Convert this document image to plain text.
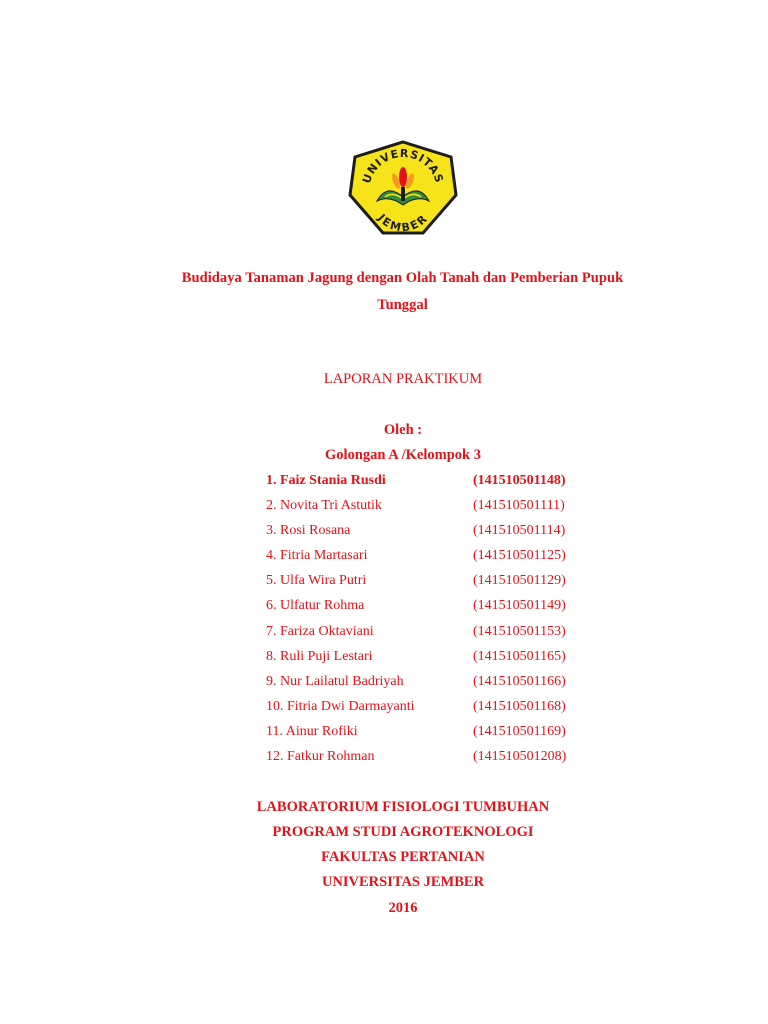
UNIVERSITAS
JEMBER
Budidaya Tanaman Jagung dengan Olah Tanah dan Pemberian Pupuk
Tunggal
LAPORAN PRAKTIKUM
Oleh :
Golongan A /Kelompok 3
1. Faiz Stania Rusdi	(141510501148)
2. Novita Tri Astutik	(141510501111)
3. Rosi Rosana	(141510501114)
4. Fitria Martasari	(141510501125)
5. Ulfa Wira Putri	(141510501129)
6. Ulfatur Rohma	(141510501149)
7. Fariza Oktaviani	(141510501153)
8. Ruli Puji Lestari	(141510501165)
9. Nur Lailatul Badriyah	(141510501166)
10. Fitria Dwi Darmayanti	(141510501168)
11. Ainur Rofiki	(141510501169)
12. Fatkur Rohman	(141510501208)
LABORATORIUM FISIOLOGI TUMBUHAN
PROGRAM STUDI AGROTEKNOLOGI
FAKULTAS PERTANIAN
UNIVERSITAS JEMBER
2016
